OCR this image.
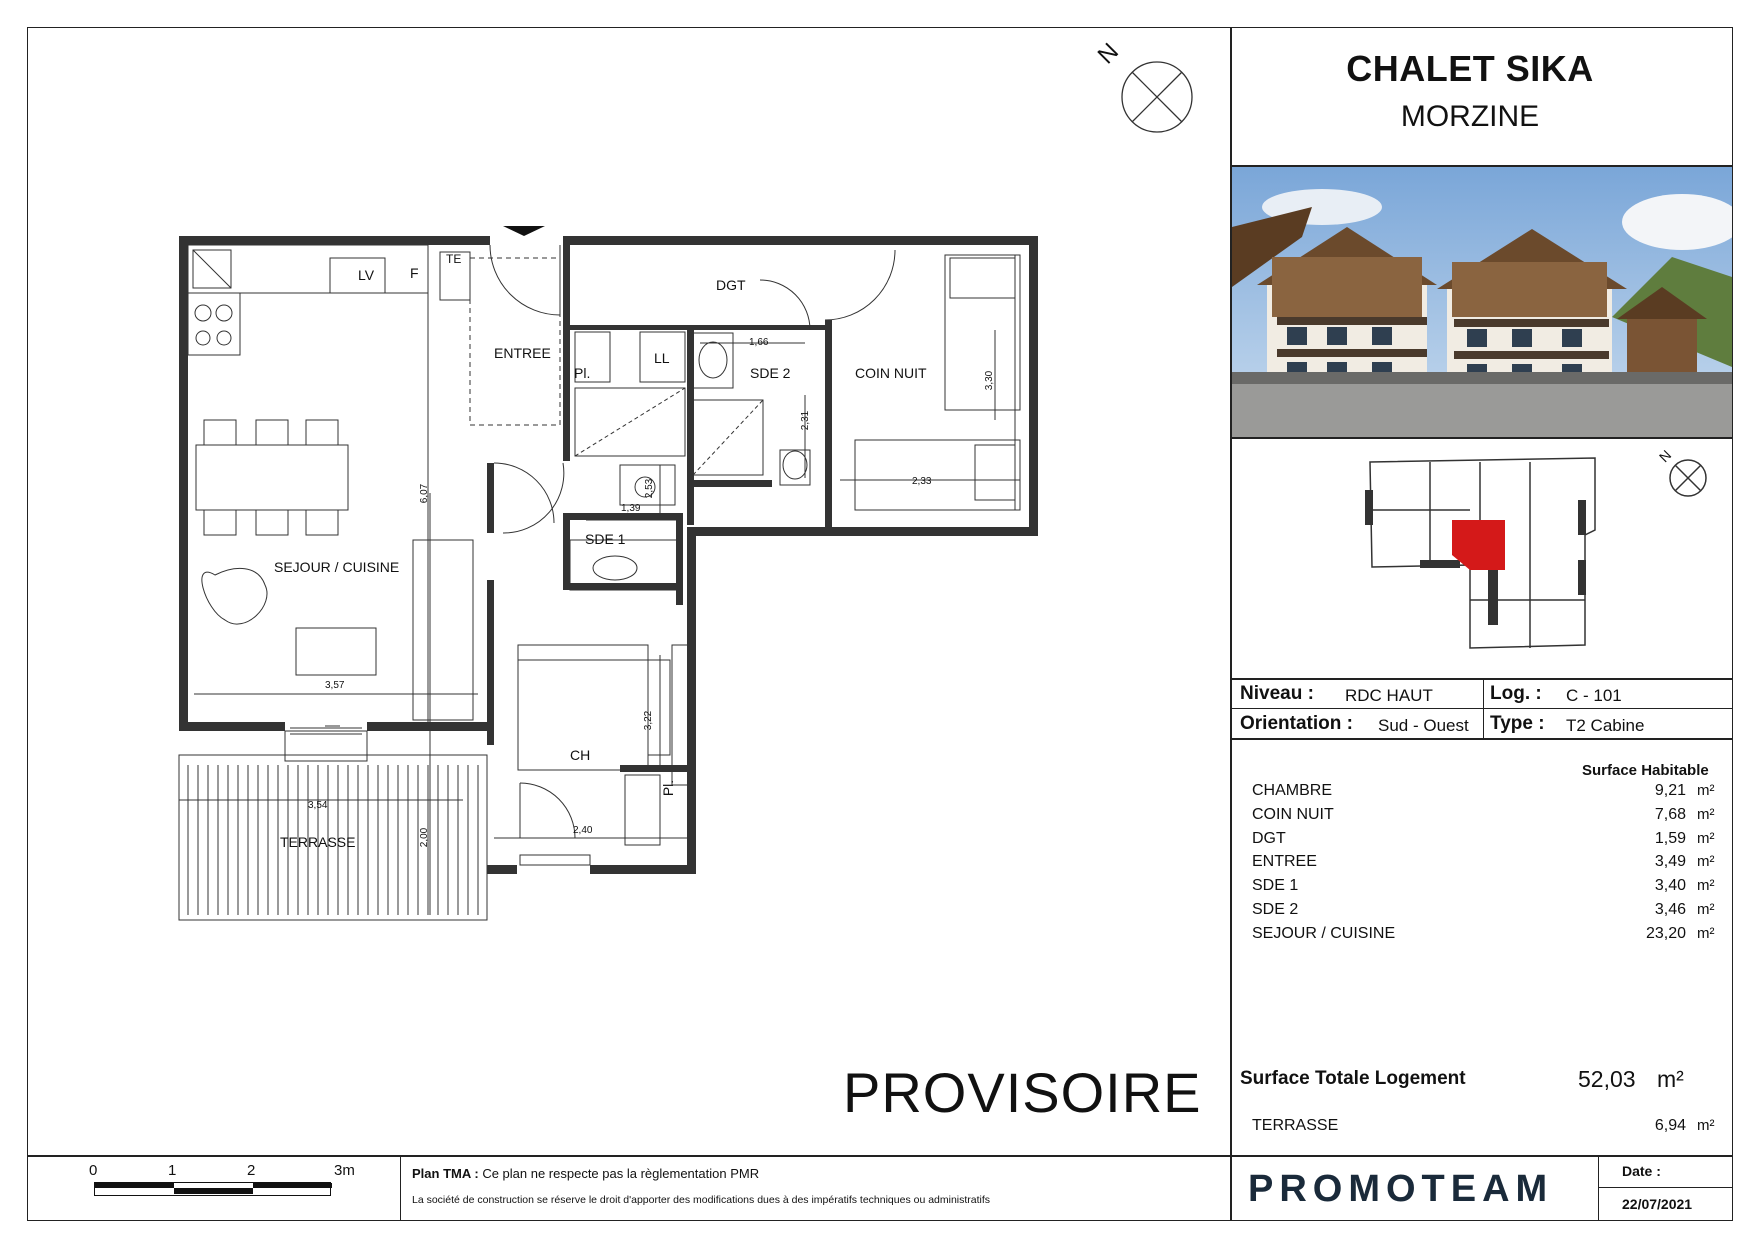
N
LV	F
TE
ENTREE
DGT
Pl.
LL
SDE 2	COIN NUIT
SDE 1
SEJOUR / CUISINE
CH
Pl.
TERRASSE
1,66
3,30
2,31
2,33
2,53
1,39
6,07
3,57
3,22
3,54
2,00	2,40
PROVISOIRE
CHALET SIKA
MORZINE
N
Niveau : RDC HAUT	Log. : C - 101
Orientation : Sud - Ouest Type : T2 Cabine
Surface Habitable
CHAMBRE	9,21 m²
COIN NUIT	7,68 m²
DGT	1,59 m²
ENTREE	3,49 m²
SDE 1	3,40 m²
SDE 2	3,46 m²
SEJOUR / CUISINE	23,20 m²
Surface Totale Logement	52,03 m²
TERRASSE	6,94 m²
0	1	2	3m	Plan TMA : Ce plan ne respecte pas la règlementation PMR
La société de construction se réserve le droit d'apporter des modifications dues à des impératifs techniques ou administratifs	PROMOTEAM	Date :
22/07/2021
